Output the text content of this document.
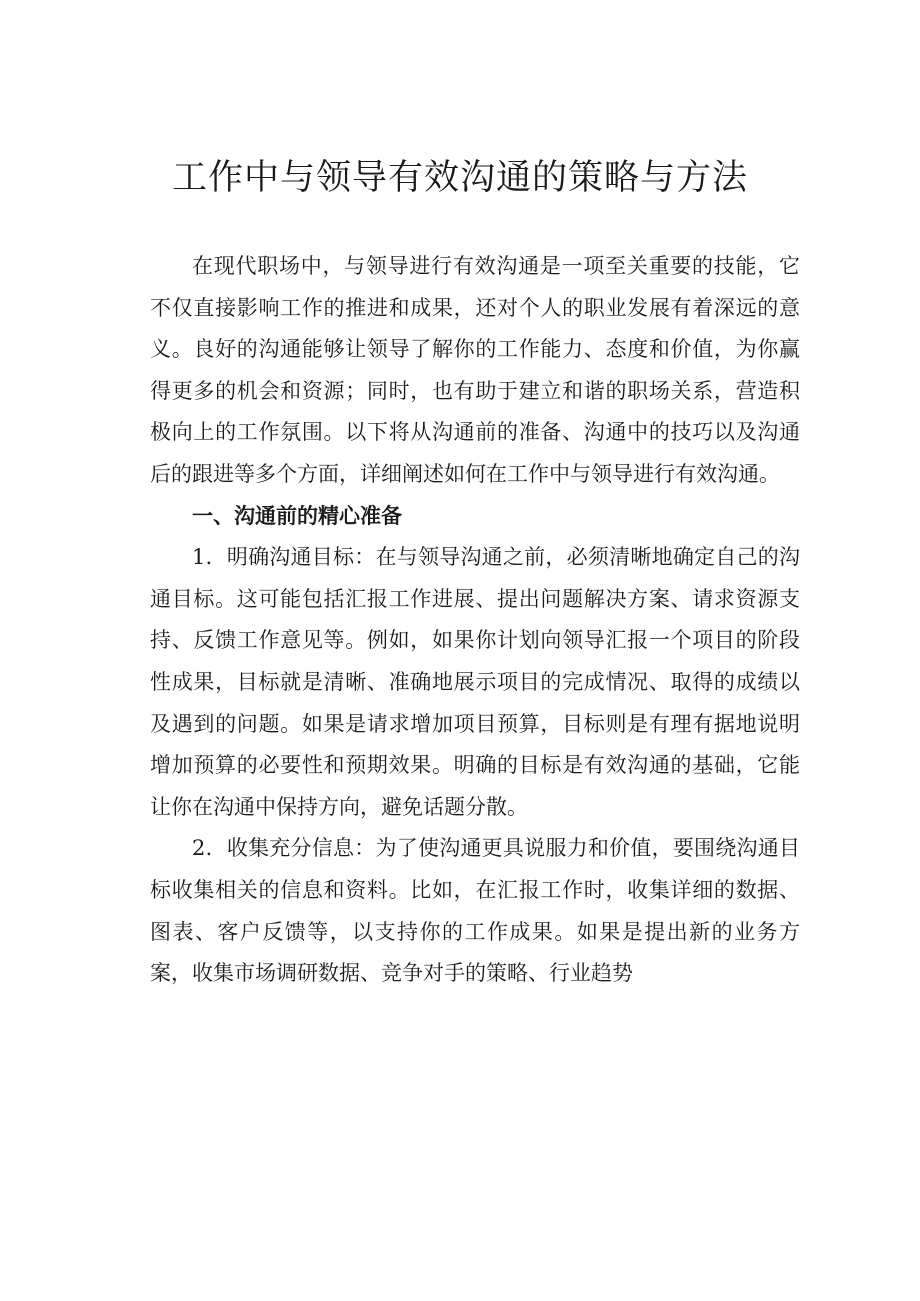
工作中与领导有效沟通的策略与方法

在现代职场中，与领导进行有效沟通是一项至关重要的技能，它不仅直接影响工作的推进和成果，还对个人的职业发展有着深远的意义。良好的沟通能够让领导了解你的工作能力、态度和价值，为你赢得更多的机会和资源；同时，也有助于建立和谐的职场关系，营造积极向上的工作氛围。以下将从沟通前的准备、沟通中的技巧以及沟通后的跟进等多个方面，详细阐述如何在工作中与领导进行有效沟通。

一、沟通前的精心准备

1．明确沟通目标：在与领导沟通之前，必须清晰地确定自己的沟通目标。这可能包括汇报工作进展、提出问题解决方案、请求资源支持、反馈工作意见等。例如，如果你计划向领导汇报一个项目的阶段性成果，目标就是清晰、准确地展示项目的完成情况、取得的成绩以及遇到的问题。如果是请求增加项目预算，目标则是有理有据地说明增加预算的必要性和预期效果。明确的目标是有效沟通的基础，它能让你在沟通中保持方向，避免话题分散。

2．收集充分信息：为了使沟通更具说服力和价值，要围绕沟通目标收集相关的信息和资料。比如，在汇报工作时，收集详细的数据、图表、客户反馈等，以支持你的工作成果。如果是提出新的业务方案，收集市场调研数据、竞争对手的策略、行业趋势
